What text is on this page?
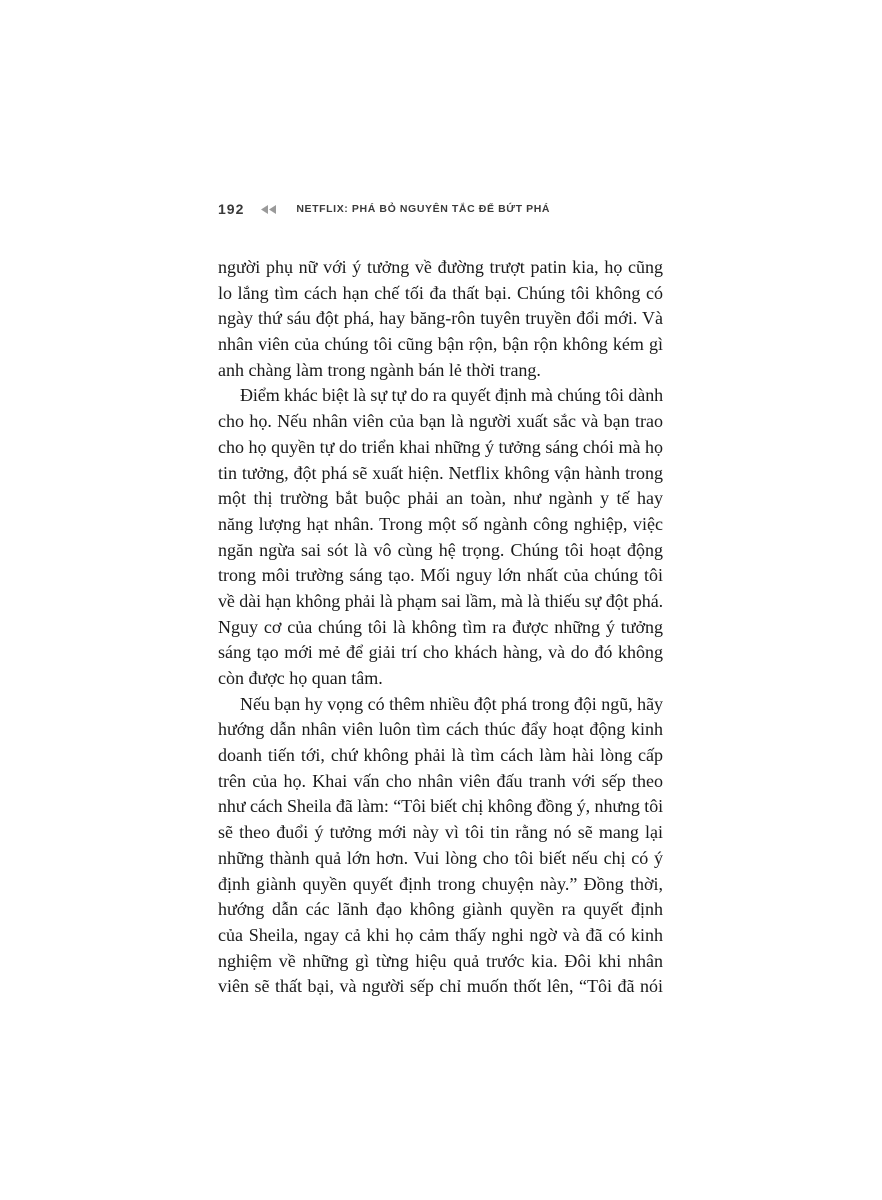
192	NETFLIX: PHÁ BỎ NGUYÊN TẮC ĐỂ BỨT PHÁ
người phụ nữ với ý tưởng về đường trượt patin kia, họ cũng
lo lắng tìm cách hạn chế tối đa thất bại. Chúng tôi không có
ngày thứ sáu đột phá, hay băng-rôn tuyên truyền đổi mới. Và
nhân viên của chúng tôi cũng bận rộn, bận rộn không kém gì
anh chàng làm trong ngành bán lẻ thời trang.
Điểm khác biệt là sự tự do ra quyết định mà chúng tôi dành
cho họ. Nếu nhân viên của bạn là người xuất sắc và bạn trao
cho họ quyền tự do triển khai những ý tưởng sáng chói mà họ
tin tưởng, đột phá sẽ xuất hiện. Netflix không vận hành trong
một thị trường bắt buộc phải an toàn, như ngành y tế hay
năng lượng hạt nhân. Trong một số ngành công nghiệp, việc
ngăn ngừa sai sót là vô cùng hệ trọng. Chúng tôi hoạt động
trong môi trường sáng tạo. Mối nguy lớn nhất của chúng tôi
về dài hạn không phải là phạm sai lầm, mà là thiếu sự đột phá.
Nguy cơ của chúng tôi là không tìm ra được những ý tưởng
sáng tạo mới mẻ để giải trí cho khách hàng, và do đó không
còn được họ quan tâm.
Nếu bạn hy vọng có thêm nhiều đột phá trong đội ngũ, hãy
hướng dẫn nhân viên luôn tìm cách thúc đẩy hoạt động kinh
doanh tiến tới, chứ không phải là tìm cách làm hài lòng cấp
trên của họ. Khai vấn cho nhân viên đấu tranh với sếp theo
như cách Sheila đã làm: “Tôi biết chị không đồng ý, nhưng tôi
sẽ theo đuổi ý tưởng mới này vì tôi tin rằng nó sẽ mang lại
những thành quả lớn hơn. Vui lòng cho tôi biết nếu chị có ý
định giành quyền quyết định trong chuyện này.” Đồng thời,
hướng dẫn các lãnh đạo không giành quyền ra quyết định
của Sheila, ngay cả khi họ cảm thấy nghi ngờ và đã có kinh
nghiệm về những gì từng hiệu quả trước kia. Đôi khi nhân
viên sẽ thất bại, và người sếp chỉ muốn thốt lên, “Tôi đã nói
